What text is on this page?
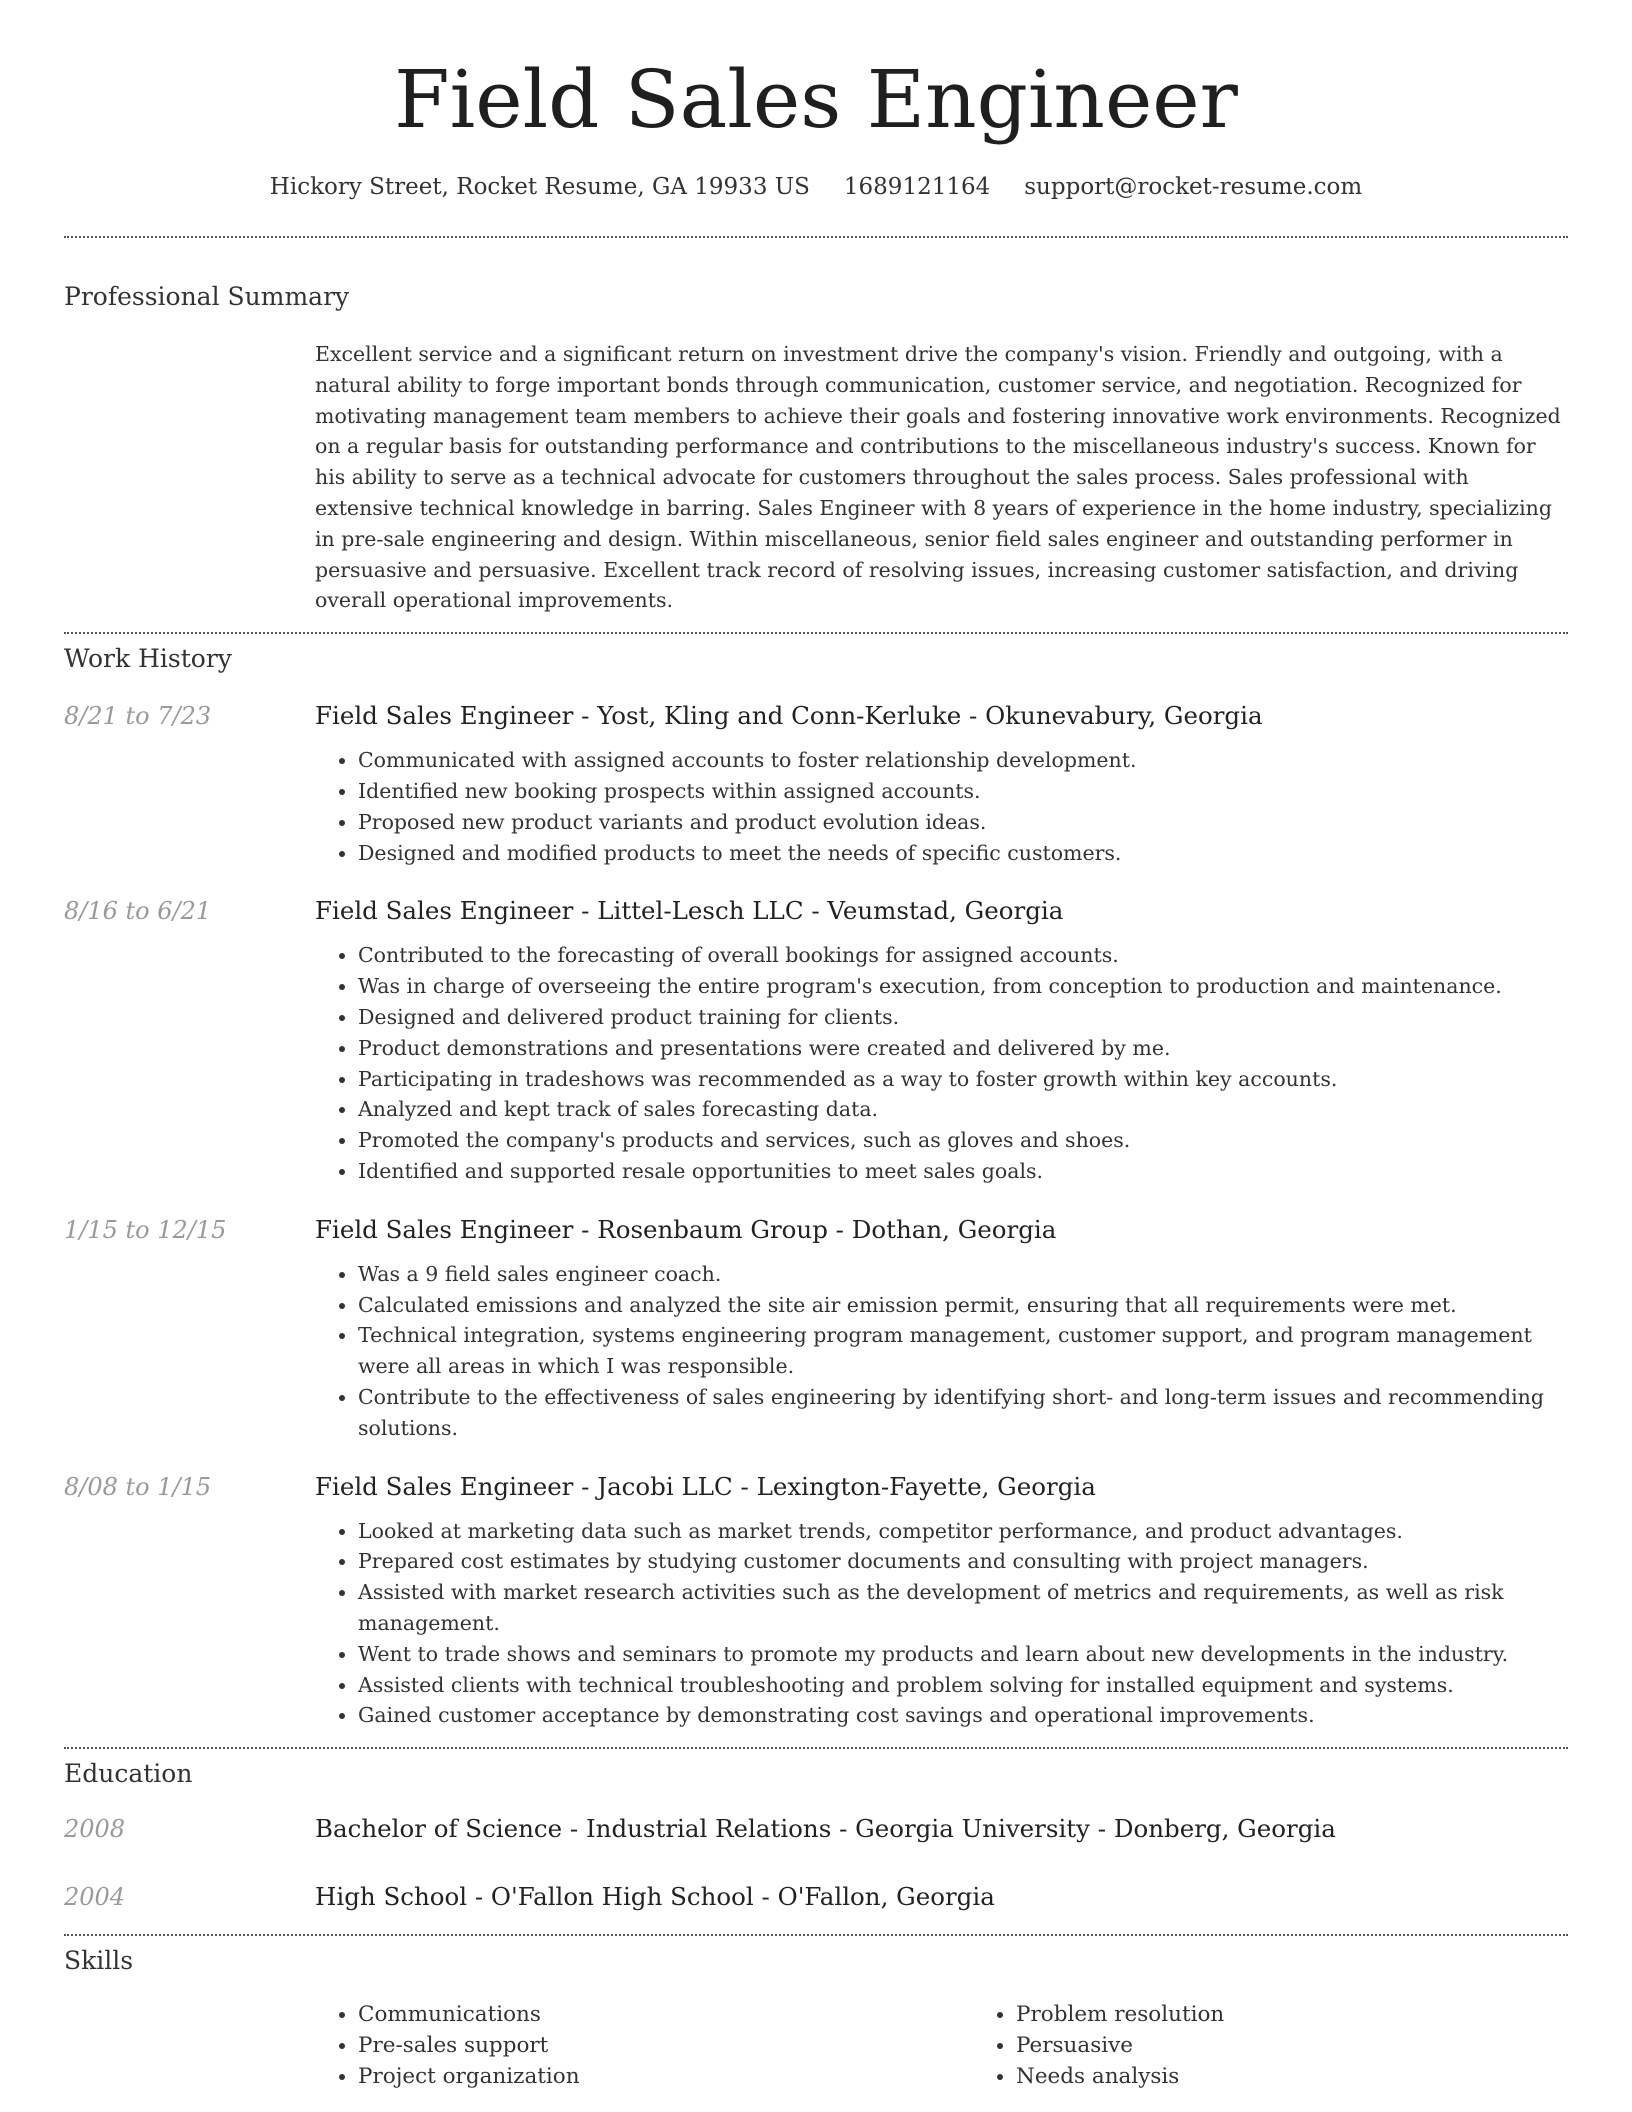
Field Sales Engineer
Hickory Street, Rocket Resume, GA 19933 US 1689121164 support@rocket-resume.com
Professional Summary

Excellent service and a significant return on investment drive the company's vision. Friendly and outgoing, with a natural ability to forge important bonds through communication, customer service, and negotiation. Recognized for motivating management team members to achieve their goals and fostering innovative work environments. Recognized on a regular basis for outstanding performance and contributions to the miscellaneous industry's success. Known for his ability to serve as a technical advocate for customers throughout the sales process. Sales professional with extensive technical knowledge in barring. Sales Engineer with 8 years of experience in the home industry, specializing in pre-sale engineering and design. Within miscellaneous, senior field sales engineer and outstanding performer in persuasive and persuasive. Excellent track record of resolving issues, increasing customer satisfaction, and driving overall operational improvements.

Work History
8/21 to 7/23	Field Sales Engineer - Yost, Kling and Conn-Kerluke - Okunevabury, Georgia
• Communicated with assigned accounts to foster relationship development.
• Identified new booking prospects within assigned accounts.
• Proposed new product variants and product evolution ideas.
• Designed and modified products to meet the needs of specific customers.
8/16 to 6/21	Field Sales Engineer - Littel-Lesch LLC - Veumstad, Georgia
• Contributed to the forecasting of overall bookings for assigned accounts.
• Was in charge of overseeing the entire program's execution, from conception to production and maintenance.
• Designed and delivered product training for clients.
• Product demonstrations and presentations were created and delivered by me.
• Participating in tradeshows was recommended as a way to foster growth within key accounts.
• Analyzed and kept track of sales forecasting data.
• Promoted the company's products and services, such as gloves and shoes.
• Identified and supported resale opportunities to meet sales goals.
1/15 to 12/15	Field Sales Engineer - Rosenbaum Group - Dothan, Georgia
• Was a 9 field sales engineer coach.
• Calculated emissions and analyzed the site air emission permit, ensuring that all requirements were met.
• Technical integration, systems engineering program management, customer support, and program management were all areas in which I was responsible.
• Contribute to the effectiveness of sales engineering by identifying short- and long-term issues and recommending solutions.
8/08 to 1/15	Field Sales Engineer - Jacobi LLC - Lexington-Fayette, Georgia
• Looked at marketing data such as market trends, competitor performance, and product advantages.
• Prepared cost estimates by studying customer documents and consulting with project managers.
• Assisted with market research activities such as the development of metrics and requirements, as well as risk management.
• Went to trade shows and seminars to promote my products and learn about new developments in the industry.
• Assisted clients with technical troubleshooting and problem solving for installed equipment and systems.
• Gained customer acceptance by demonstrating cost savings and operational improvements.
Education
2008	Bachelor of Science - Industrial Relations - Georgia University - Donberg, Georgia
2004	High School - O'Fallon High School - O'Fallon, Georgia
Skills
• Communications
• Pre-sales support
• Project organization
• Problem resolution
• Persuasive
• Needs analysis
